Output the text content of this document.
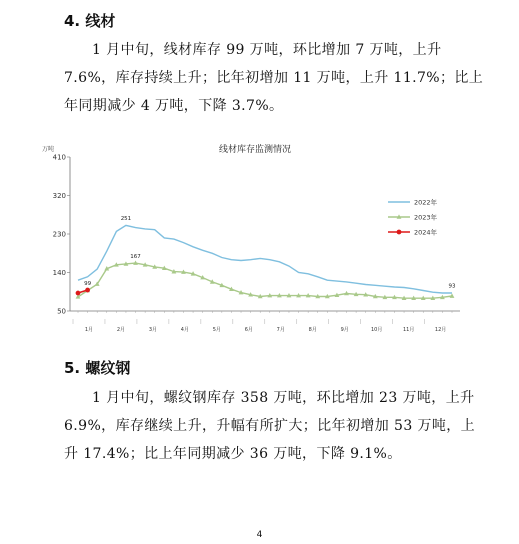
4. 线材
1 月中旬，线材库存 99 万吨，环比增加 7 万吨，上升 7.6%，库存持续上升；比年初增加 11 万吨，上升 11.7%；比上年同期减少 4 万吨，下降 3.7%。
线材库存监测情况
万吨
50
140
230
320
410
1月	2月	3月	4月	5月	6月	7月	8月	9月	10月	11月	12月
251
167
99	93
2022年
2023年
2024年
5. 螺纹钢
1 月中旬，螺纹钢库存 358 万吨，环比增加 23 万吨，上升 6.9%，库存继续上升，升幅有所扩大；比年初增加 53 万吨，上升 17.4%；比上年同期减少 36 万吨，下降 9.1%。
4
